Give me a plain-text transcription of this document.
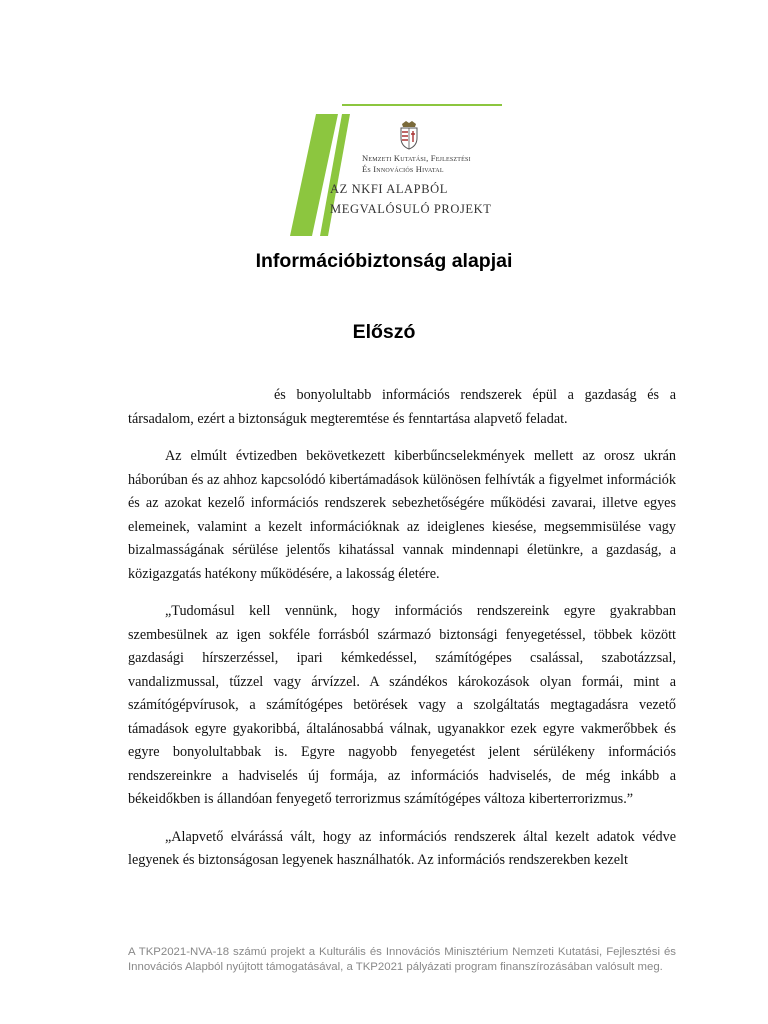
Nemzeti Kutatási, Fejlesztési
És Innovációs Hivatal
AZ NKFI ALAPBÓL
MEGVALÓSULÓ PROJEKT
Információbiztonság alapjai
Előszó

és bonyolultabb információs rendszerek épül a gazdaság és a társadalom, ezért a biztonságuk megteremtése és fenntartása alapvető feladat.

Az elmúlt évtizedben bekövetkezett kiberbűncselekmények mellett az orosz ukrán háborúban és az ahhoz kapcsolódó kibertámadások különösen felhívták a figyelmet információk és az azokat kezelő információs rendszerek sebezhetőségére működési zavarai, illetve egyes elemeinek, valamint a kezelt információknak az ideiglenes kiesése, megsemmisülése vagy bizalmasságának sérülése jelentős kihatással vannak mindennapi életünkre, a gazdaság, a közigazgatás hatékony működésére, a lakosság életére.

„Tudomásul kell vennünk, hogy információs rendszereink egyre gyakrabban szembesülnek az igen sokféle forrásból származó biztonsági fenyegetéssel, többek között gazdasági hírszerzéssel, ipari kémkedéssel, számítógépes csalással, szabotázzsal, vandalizmussal, tűzzel vagy árvízzel. A szándékos károkozások olyan formái, mint a számítógépvírusok, a számítógépes betörések vagy a szolgáltatás megtagadásra vezető támadások egyre gyakoribbá, általánosabbá válnak, ugyanakkor ezek egyre vakmerőbbek és egyre bonyolultabbak is. Egyre nagyobb fenyegetést jelent sérülékeny információs rendszereinkre a hadviselés új formája, az információs hadviselés, de még inkább a békeidőkben is állandóan fenyegető terrorizmus számítógépes változa kiberterrorizmus.”

„Alapvető elvárássá vált, hogy az információs rendszerek által kezelt adatok védve legyenek és biztonságosan legyenek használhatók. Az információs rendszerekben kezelt

A TKP2021-NVA-18 számú projekt a Kulturális és Innovációs Minisztérium Nemzeti Kutatási, Fejlesztési és Innovációs Alapból nyújtott támogatásával, a TKP2021 pályázati program finanszírozásában valósult meg.
